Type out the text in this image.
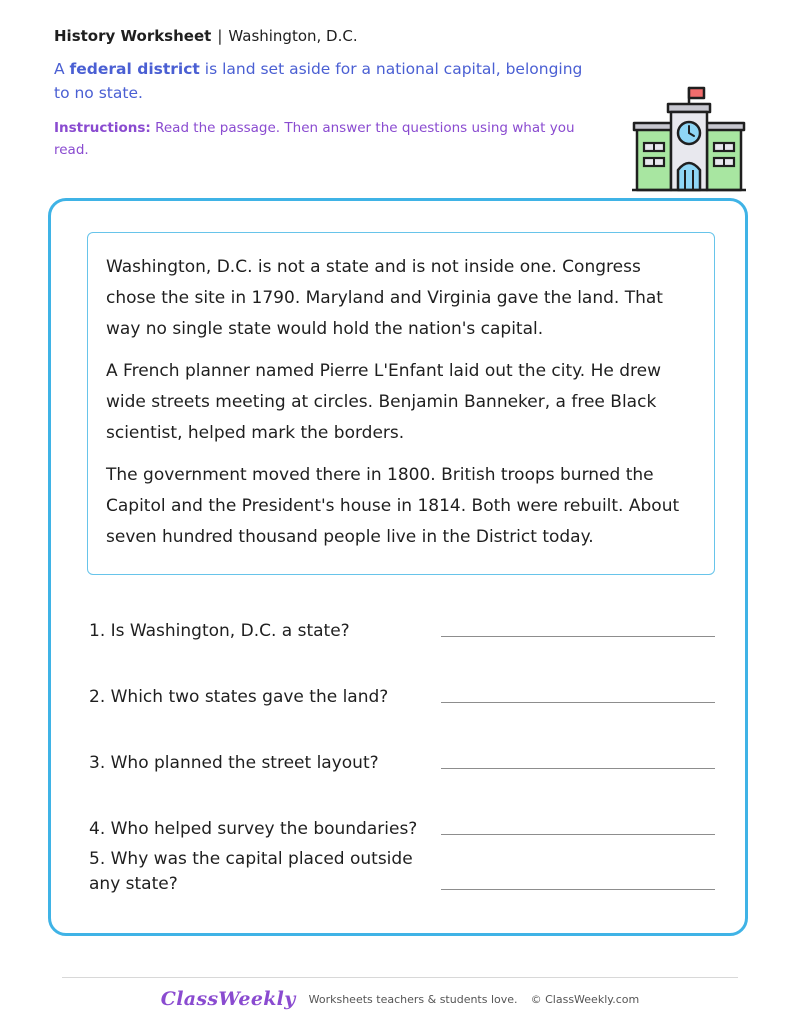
History Worksheet | Washington, D.C.
A federal district is land set aside for a national capital, belonging to no state.
Instructions: Read the passage. Then answer the questions using what you read.

Washington, D.C. is not a state and is not inside one. Congress chose the site in 1790. Maryland and Virginia gave the land. That way no single state would hold the nation's capital.

A French planner named Pierre L'Enfant laid out the city. He drew wide streets meeting at circles. Benjamin Banneker, a free Black scientist, helped mark the borders.

The government moved there in 1800. British troops burned the Capitol and the President's house in 1814. Both were rebuilt. About seven hundred thousand people live in the District today.

1. Is Washington, D.C. a state?
2. Which two states gave the land?
3. Who planned the street layout?
4. Who helped survey the boundaries?
5. Why was the capital placed outside any state?
ClassWeekly Worksheets teachers & students love. © ClassWeekly.com
